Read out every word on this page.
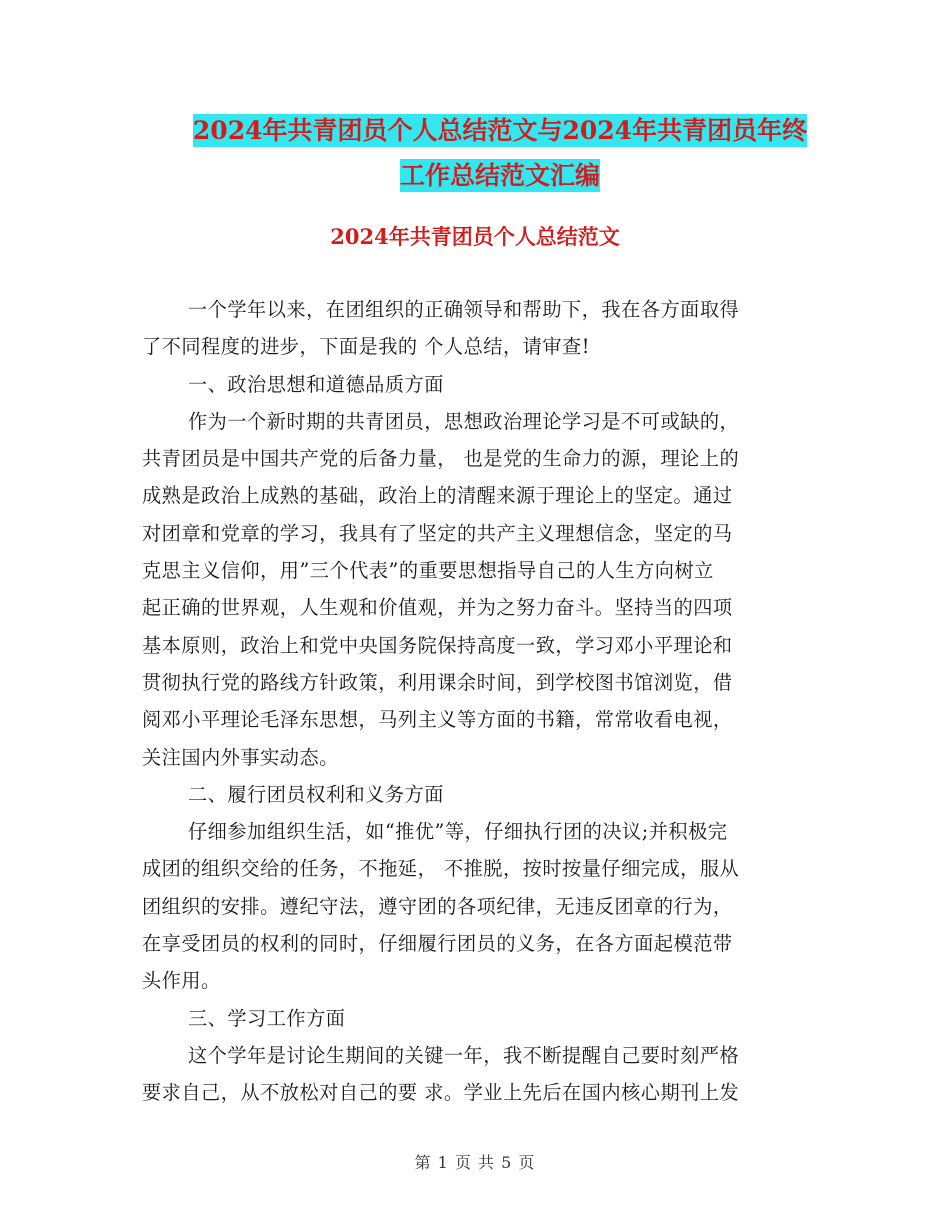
2024年共青团员个人总结范文与2024年共青团员年终
工作总结范文汇编
2024年共青团员个人总结范文
一个学年以来，在团组织的正确领导和帮助下，我在各方面取得
了不同程度的进步，下面是我的 个人总结，请审查!
一、政治思想和道德品质方面
作为一个新时期的共青团员，思想政治理论学习是不可或缺的，
共青团员是中国共产党的后备力量， 也是党的生命力的源，理论上的
成熟是政治上成熟的基础，政治上的清醒来源于理论上的坚定。通过
对团章和党章的学习，我具有了坚定的共产主义理想信念，坚定的马
克思主义信仰，用”三个代表”的重要思想指导自己的人生方向树立
起正确的世界观，人生观和价值观，并为之努力奋斗。坚持当的四项
基本原则，政治上和党中央国务院保持高度一致，学习邓小平理论和
贯彻执行党的路线方针政策，利用课余时间，到学校图书馆浏览，借
阅邓小平理论毛泽东思想，马列主义等方面的书籍，常常收看电视，
关注国内外事实动态。
二、履行团员权利和义务方面
仔细参加组织生活，如“推优”等，仔细执行团的决议;并积极完
成团的组织交给的任务，不拖延， 不推脱，按时按量仔细完成，服从
团组织的安排。遵纪守法，遵守团的各项纪律，无违反团章的行为，
在享受团员的权利的同时，仔细履行团员的义务，在各方面起模范带
头作用。
三、学习工作方面
这个学年是讨论生期间的关键一年，我不断提醒自己要时刻严格
要求自己，从不放松对自己的要 求。学业上先后在国内核心期刊上发
第 1 页 共 5 页
